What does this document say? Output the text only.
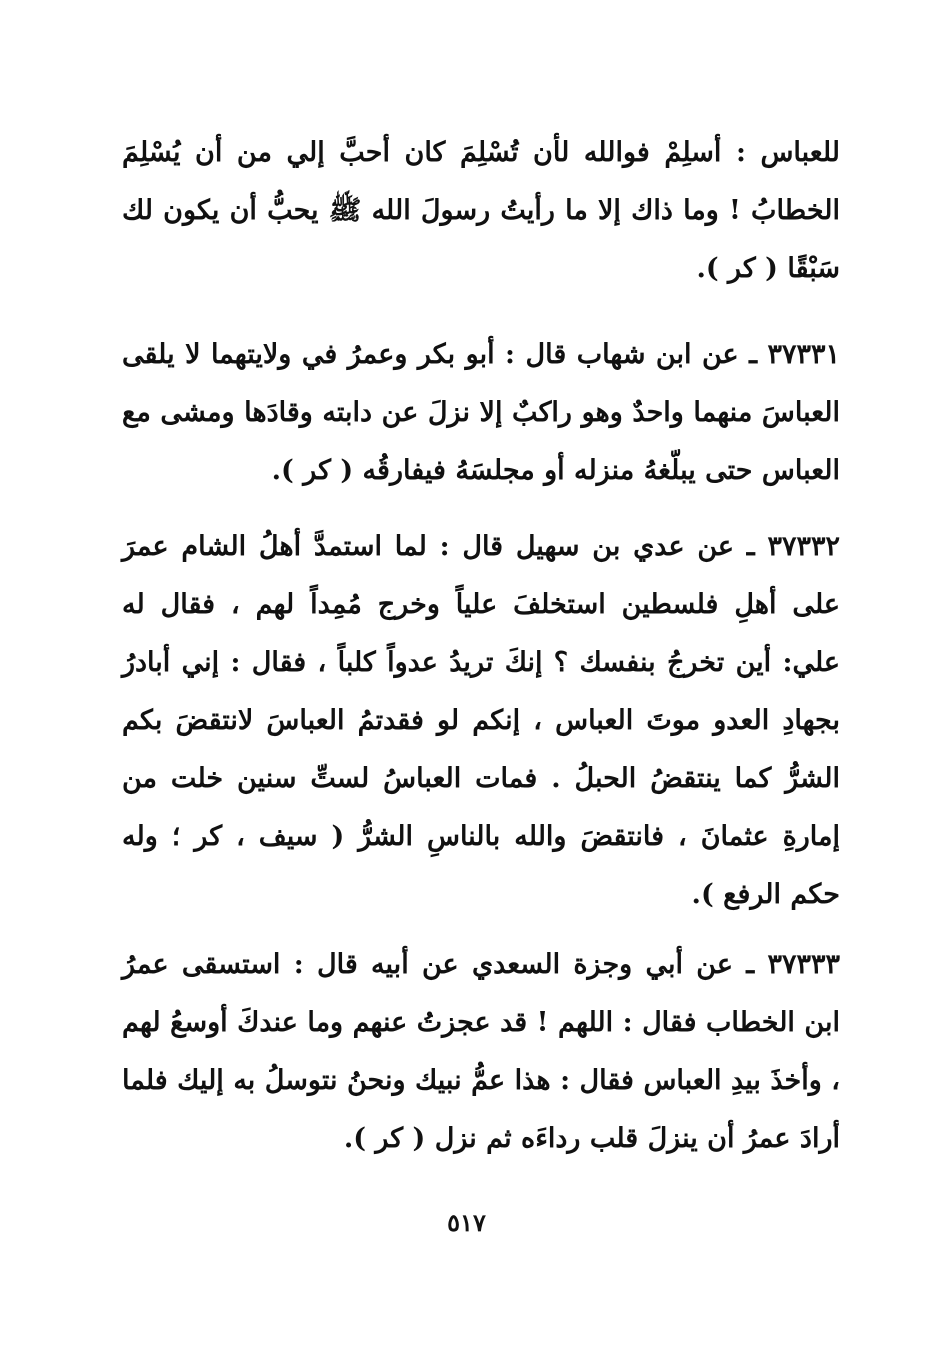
للعباس : أسلِمْ فوالله لأن تُسْلِمَ كان أحبَّ إلي من أن يُسْلِمَ الخطابُ ! وما ذاك إلا ما رأيتُ رسولَ الله ﷺ يحبُّ أن يكون لك سَبْقًا ( كر ).

٣٧٣٣١ ـ عن ابن شهاب قال : أبو بكر وعمرُ في ولايتهما لا يلقى العباسَ منهما واحدٌ وهو راكبٌ إلا نزلَ عن دابته وقادَها ومشى مع العباس حتى يبلّغهُ منزله أو مجلسَهُ فيفارقُه ( كر ).

٣٧٣٣٢ ـ عن عدي بن سهيل قال : لما استمدَّ أهلُ الشام عمرَ على أهلِ فلسطين استخلفَ علياً وخرج مُمِداً لهم ، فقال له علي: أين تخرجُ بنفسك ؟ إنكَ تريدُ عدواً كلباً ، فقال : إني أبادرُ بجهادِ العدو موتَ العباس ، إنكم لو فقدتمُ العباسَ لانتقضَ بكم الشرُّ كما ينتقضُ الحبلُ . فمات العباسُ لستِّ سنين خلت من إمارةِ عثمانَ ، فانتقضَ والله بالناسِ الشرُّ ( سيف ، كر ؛ وله حكم الرفع ).

٣٧٣٣٣ ـ عن أبي وجزة السعدي عن أبيه قال : استسقى عمرُ ابن الخطاب فقال : اللهم ! قد عجزتُ عنهم وما عندكَ أوسعُ لهم ، وأخذَ بيدِ العباس فقال : هذا عمُّ نبيك ونحنُ نتوسلُ به إليك فلما أرادَ عمرُ أن ينزلَ قلب رداءَه ثم نزل ( كر ).

٥١٧
